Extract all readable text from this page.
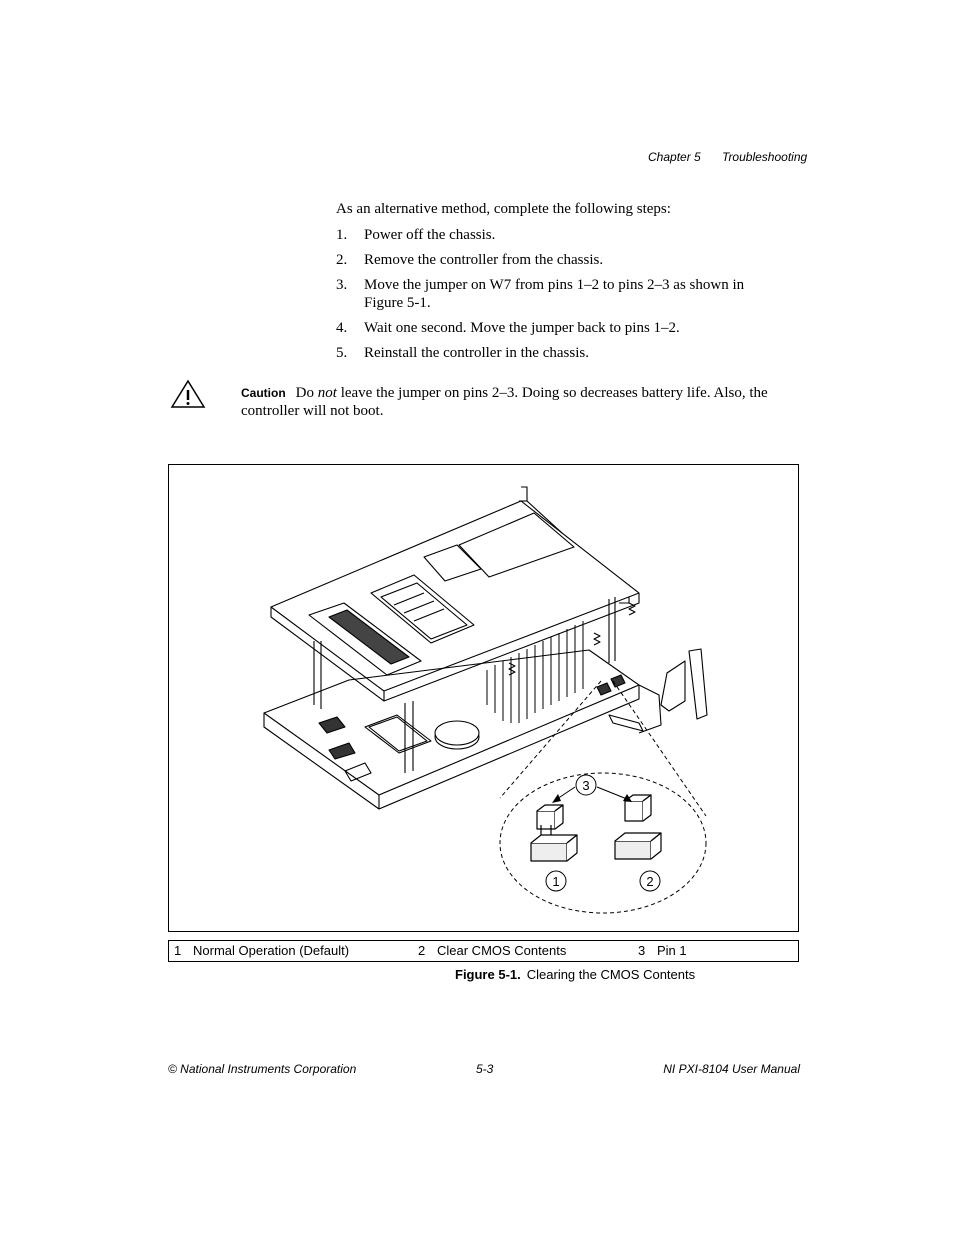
Chapter 5 Troubleshooting
As an alternative method, complete the following steps:
1. Power off the chassis.
2. Remove the controller from the chassis.
3. Move the jumper on W7 from pins 1–2 to pins 2–3 as shown in Figure 5-1.
4. Wait one second. Move the jumper back to pins 1–2.
5. Reinstall the controller in the chassis.
Caution Do not leave the jumper on pins 2–3. Doing so decreases battery life. Also, the controller will not boot.
3
1	2
1 Normal Operation (Default)	2 Clear CMOS Contents	3 Pin 1
Figure 5-1. Clearing the CMOS Contents
© National Instruments Corporation	5-3	NI PXI-8104 User Manual
